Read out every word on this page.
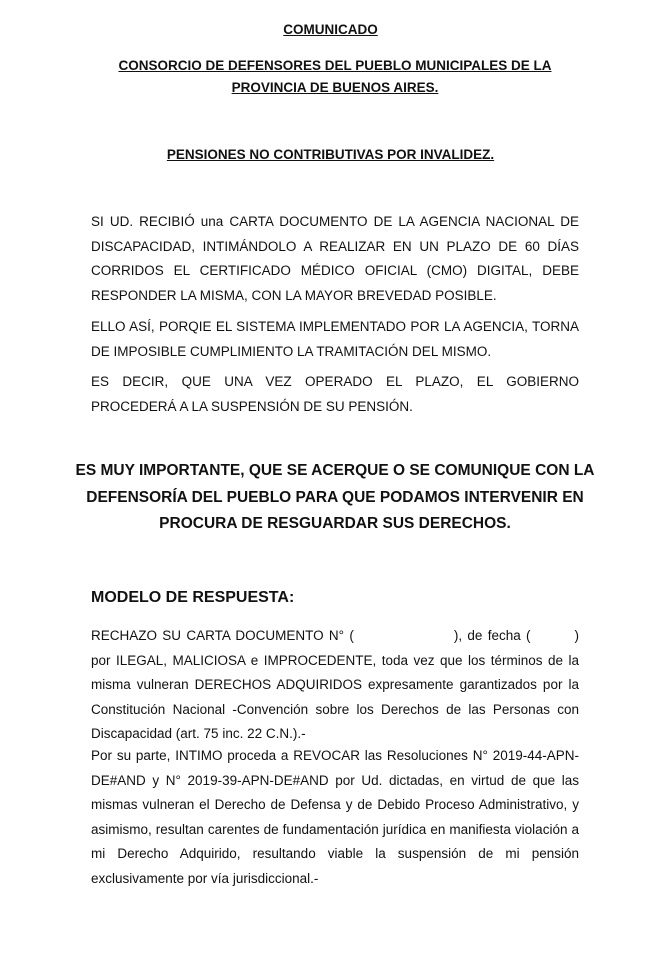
COMUNICADO
CONSORCIO DE DEFENSORES DEL PUEBLO MUNICIPALES DE LA PROVINCIA DE BUENOS AIRES.
PENSIONES NO CONTRIBUTIVAS POR INVALIDEZ.
SI UD. RECIBIÓ una CARTA DOCUMENTO DE LA AGENCIA NACIONAL DE DISCAPACIDAD, INTIMÁNDOLO A REALIZAR EN UN PLAZO DE 60 DÍAS CORRIDOS EL CERTIFICADO MÉDICO OFICIAL (CMO) DIGITAL, DEBE RESPONDER LA MISMA, CON LA MAYOR BREVEDAD POSIBLE.
ELLO ASÍ, PORQIE EL SISTEMA IMPLEMENTADO POR LA AGENCIA, TORNA DE IMPOSIBLE CUMPLIMIENTO LA TRAMITACIÓN DEL MISMO.
ES DECIR, QUE UNA VEZ OPERADO EL PLAZO, EL GOBIERNO PROCEDERÁ A LA SUSPENSIÓN DE SU PENSIÓN.
ES MUY IMPORTANTE, QUE SE ACERQUE O SE COMUNIQUE CON LA DEFENSORÍA DEL PUEBLO PARA QUE PODAMOS INTERVENIR EN PROCURA DE RESGUARDAR SUS DERECHOS.
MODELO DE RESPUESTA:
RECHAZO SU CARTA DOCUMENTO N° (	), de fecha (	) por ILEGAL, MALICIOSA e IMPROCEDENTE, toda vez que los términos de la misma vulneran DERECHOS ADQUIRIDOS expresamente garantizados por la Constitución Nacional -Convención sobre los Derechos de las Personas con Discapacidad (art. 75 inc. 22 C.N.).-
Por su parte, INTIMO proceda a REVOCAR las Resoluciones N° 2019-44-APN-DE#AND y N° 2019-39-APN-DE#AND por Ud. dictadas, en virtud de que las mismas vulneran el Derecho de Defensa y de Debido Proceso Administrativo, y asimismo, resultan carentes de fundamentación jurídica en manifiesta violación a mi Derecho Adquirido, resultando viable la suspensión de mi pensión exclusivamente por vía jurisdiccional.-
